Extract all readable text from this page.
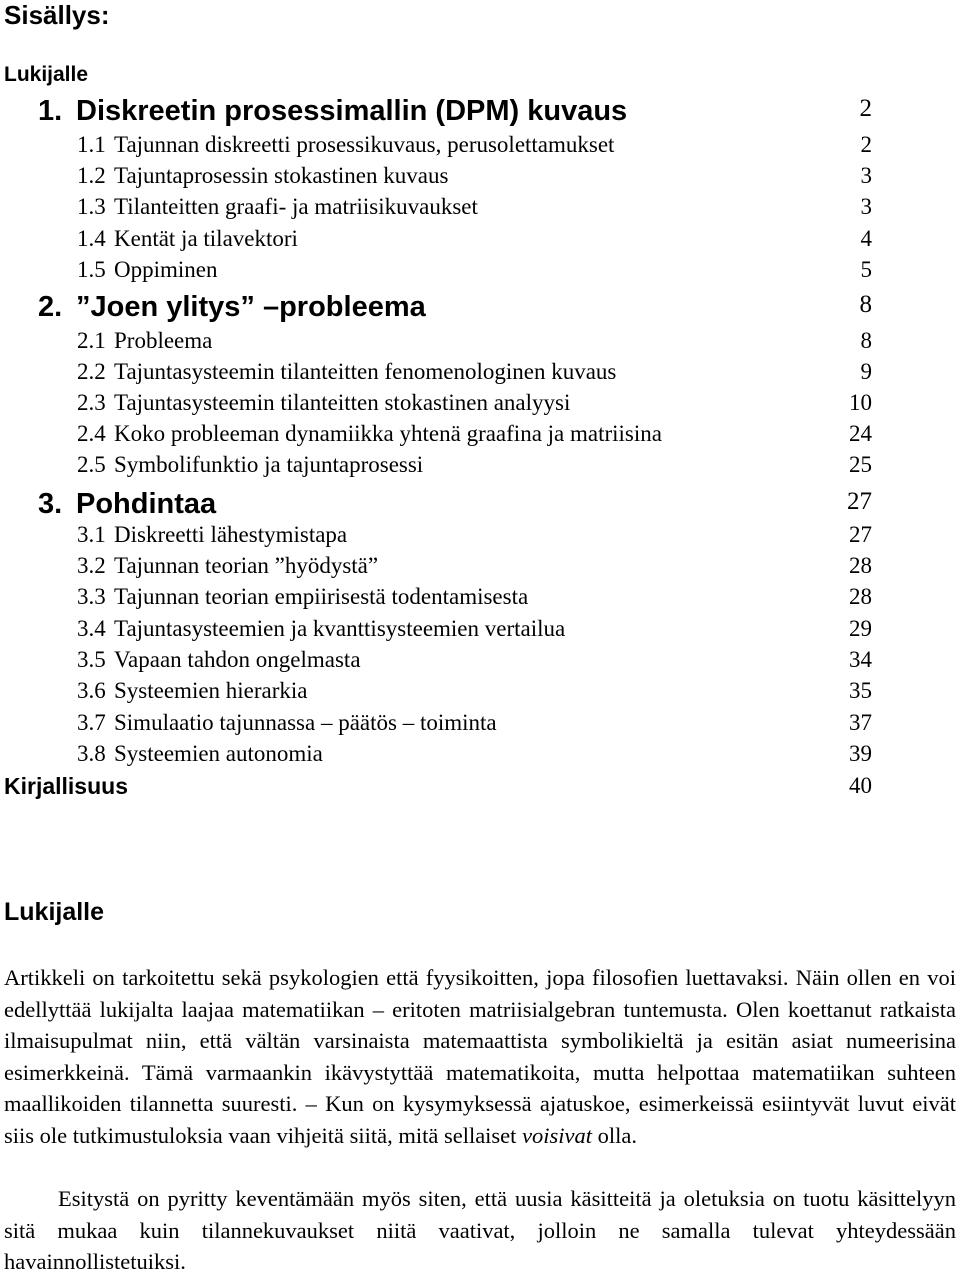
Sisällys:
Lukijalle
1. Diskreetin prosessimallin (DPM) kuvaus	2
1.1 Tajunnan diskreetti prosessikuvaus, perusolettamukset	2
1.2 Tajuntaprosessin stokastinen kuvaus	3
1.3 Tilanteitten graafi- ja matriisikuvaukset	3
1.4 Kentät ja tilavektori	4
1.5 Oppiminen	5
2. ”Joen ylitys” –probleema	8
2.1 Probleema	8
2.2 Tajuntasysteemin tilanteitten fenomenologinen kuvaus	9
2.3 Tajuntasysteemin tilanteitten stokastinen analyysi	10
2.4 Koko probleeman dynamiikka yhtenä graafina ja matriisina	24
2.5 Symbolifunktio ja tajuntaprosessi	25
3. Pohdintaa	27
3.1 Diskreetti lähestymistapa	27
3.2 Tajunnan teorian ”hyödystä”	28
3.3 Tajunnan teorian empiirisestä todentamisesta	28
3.4 Tajuntasysteemien ja kvanttisysteemien vertailua	29
3.5 Vapaan tahdon ongelmasta	34
3.6 Systeemien hierarkia	35
3.7 Simulaatio tajunnassa – päätös – toiminta	37
3.8 Systeemien autonomia	39
Kirjallisuus	40
Lukijalle

Artikkeli on tarkoitettu sekä psykologien että fyysikoitten, jopa filosofien luettavaksi. Näin ollen en voi edellyttää lukijalta laajaa matematiikan – eritoten matriisialgebran tuntemusta. Olen koettanut ratkaista ilmaisupulmat niin, että vältän varsinaista matemaattista symbolikieltä ja esitän asiat numeerisina esimerkkeinä. Tämä varmaankin ikävystyttää matematikoita, mutta helpottaa matematiikan suhteen maallikoiden tilannetta suuresti. – Kun on kysymyksessä ajatuskoe, esimerkeissä esiintyvät luvut eivät siis ole tutkimustuloksia vaan vihjeitä siitä, mitä sellaiset voisivat olla.

Esitystä on pyritty keventämään myös siten, että uusia käsitteitä ja oletuksia on tuotu käsittelyyn sitä mukaa kuin tilannekuvaukset niitä vaativat, jolloin ne samalla tulevat yhteydessään havainnollistetuiksi.
